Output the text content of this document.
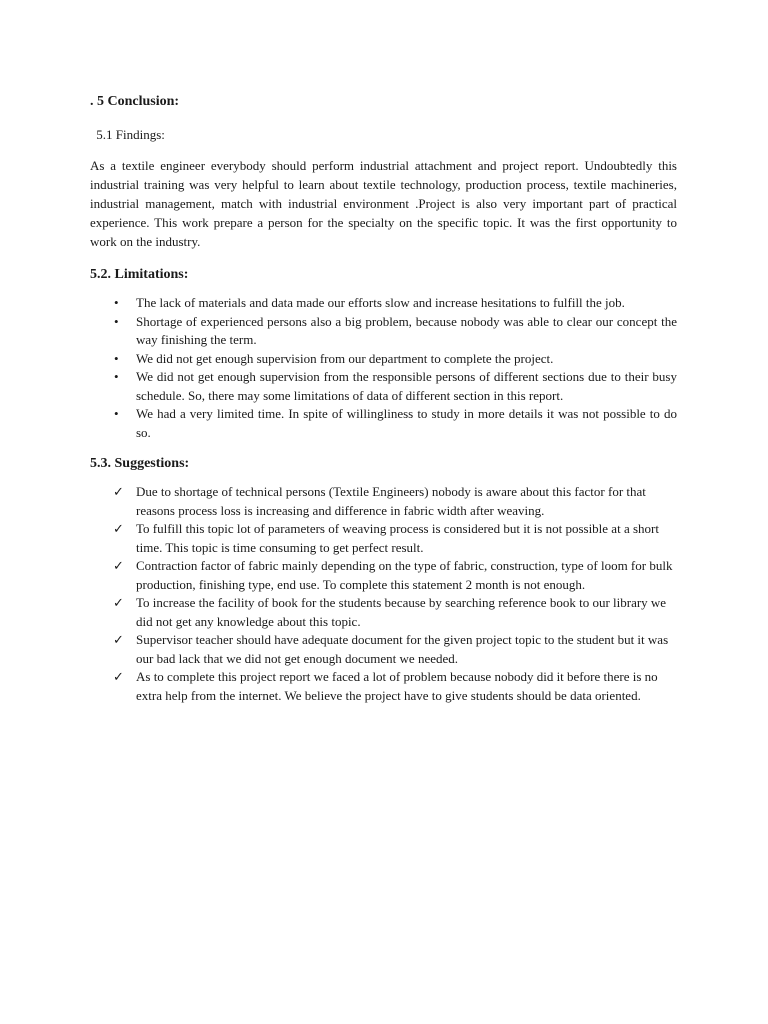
. 5 Conclusion:

5.1 Findings:

As a textile engineer everybody should perform industrial attachment and project report. Undoubtedly this industrial training was very helpful to learn about textile technology, production process, textile machineries, industrial management, match with industrial environment .Project is also very important part of practical experience. This work prepare a person for the specialty on the specific topic. It was the first opportunity to work on the industry.

5.2. Limitations:

• The lack of materials and data made our efforts slow and increase hesitations to fulfill the job.
• Shortage of experienced persons also a big problem, because nobody was able to clear our concept the way finishing the term.
• We did not get enough supervision from our department to complete the project.
• We did not get enough supervision from the responsible persons of different sections due to their busy schedule. So, there may some limitations of data of different section in this report.
• We had a very limited time. In spite of willingliness to study in more details it was not possible to do so.

5.3. Suggestions:

✓ Due to shortage of technical persons (Textile Engineers) nobody is aware about this factor for that reasons process loss is increasing and difference in fabric width after weaving.
✓ To fulfill this topic lot of parameters of weaving process is considered but it is not possible at a short time. This topic is time consuming to get perfect result.
✓ Contraction factor of fabric mainly depending on the type of fabric, construction, type of loom for bulk production, finishing type, end use. To complete this statement 2 month is not enough.
✓ To increase the facility of book for the students because by searching reference book to our library we did not get any knowledge about this topic.
✓ Supervisor teacher should have adequate document for the given project topic to the student but it was our bad lack that we did not get enough document we needed.
✓ As to complete this project report we faced a lot of problem because nobody did it before there is no extra help from the internet. We believe the project have to give students should be data oriented.
